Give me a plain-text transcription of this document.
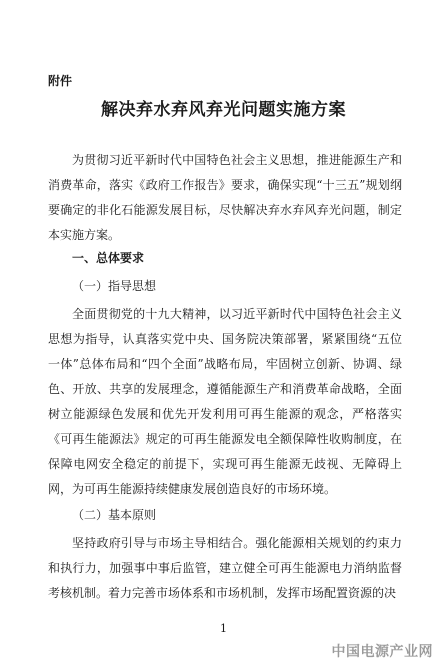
附件
解决弃水弃风弃光问题实施方案

为贯彻习近平新时代中国特色社会主义思想，推进能源生产和消费革命，落实《政府工作报告》要求，确保实现“十三五”规划纲要确定的非化石能源发展目标，尽快解决弃水弃风弃光问题，制定本实施方案。

一、总体要求
（一）指导思想

全面贯彻党的十九大精神，以习近平新时代中国特色社会主义思想为指导，认真落实党中央、国务院决策部署，紧紧围绕“五位一体”总体布局和“四个全面”战略布局，牢固树立创新、协调、绿色、开放、共享的发展理念，遵循能源生产和消费革命战略，全面树立能源绿色发展和优先开发利用可再生能源的观念，严格落实《可再生能源法》规定的可再生能源发电全额保障性收购制度，在保障电网安全稳定的前提下，实现可再生能源无歧视、无障碍上网，为可再生能源持续健康发展创造良好的市场环境。

（二）基本原则

坚持政府引导与市场主导相结合。强化能源相关规划的约束力和执行力，加强事中事后监管，建立健全可再生能源电力消纳监督考核机制。着力完善市场体系和市场机制，发挥市场配置资源的决

1
中国电源产业网
